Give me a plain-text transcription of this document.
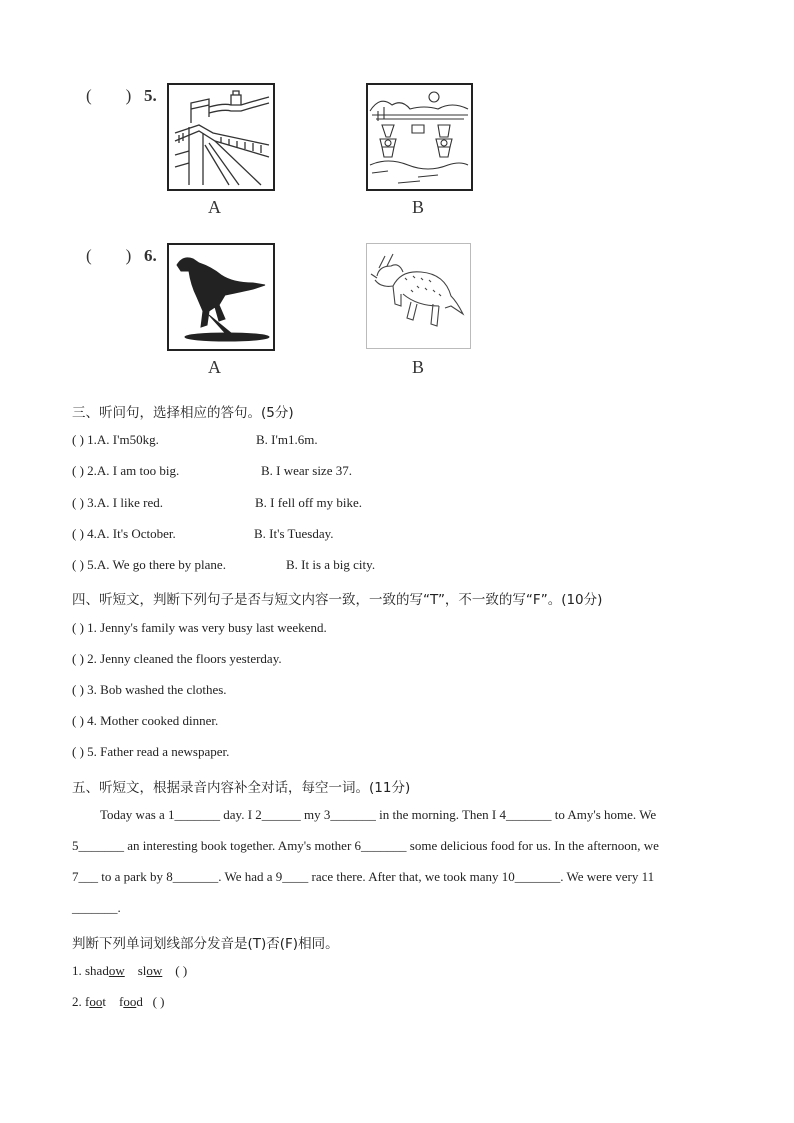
( ) 5.
A	B
( ) 6.
A	B
三、听问句，选择相应的答句。(5分)
( ) 1.A. I'm50kg.	B. I'm1.6m.
( ) 2.A. I am too big.	B. I wear size 37.
( ) 3.A. I like red.	B. I fell off my bike.
( ) 4.A. It's October.	B. It's Tuesday.
( ) 5.A. We go there by plane.	B. It is a big city.
四、听短文，判断下列句子是否与短文内容一致，一致的写“T”，不一致的写“F”。(10分)
( ) 1. Jenny's family was very busy last weekend.
( ) 2. Jenny cleaned the floors yesterday.
( ) 3. Bob washed the clothes.
( ) 4. Mother cooked dinner.
( ) 5. Father read a newspaper.
五、听短文，根据录音内容补全对话，每空一词。(11分)
Today was a 1_______ day. I 2______ my 3_______ in the morning. Then I 4_______ to Amy's home. We
5_______ an interesting book together. Amy's mother 6_______ some delicious food for us. In the afternoon, we
7___ to a park by 8_______. We had a 9____ race there. After that, we took many 10_______. We were very 11
_______.
判断下列单词划线部分发音是(T)否(F)相同。
1. shadow slow ( )
2. foot food ( )
